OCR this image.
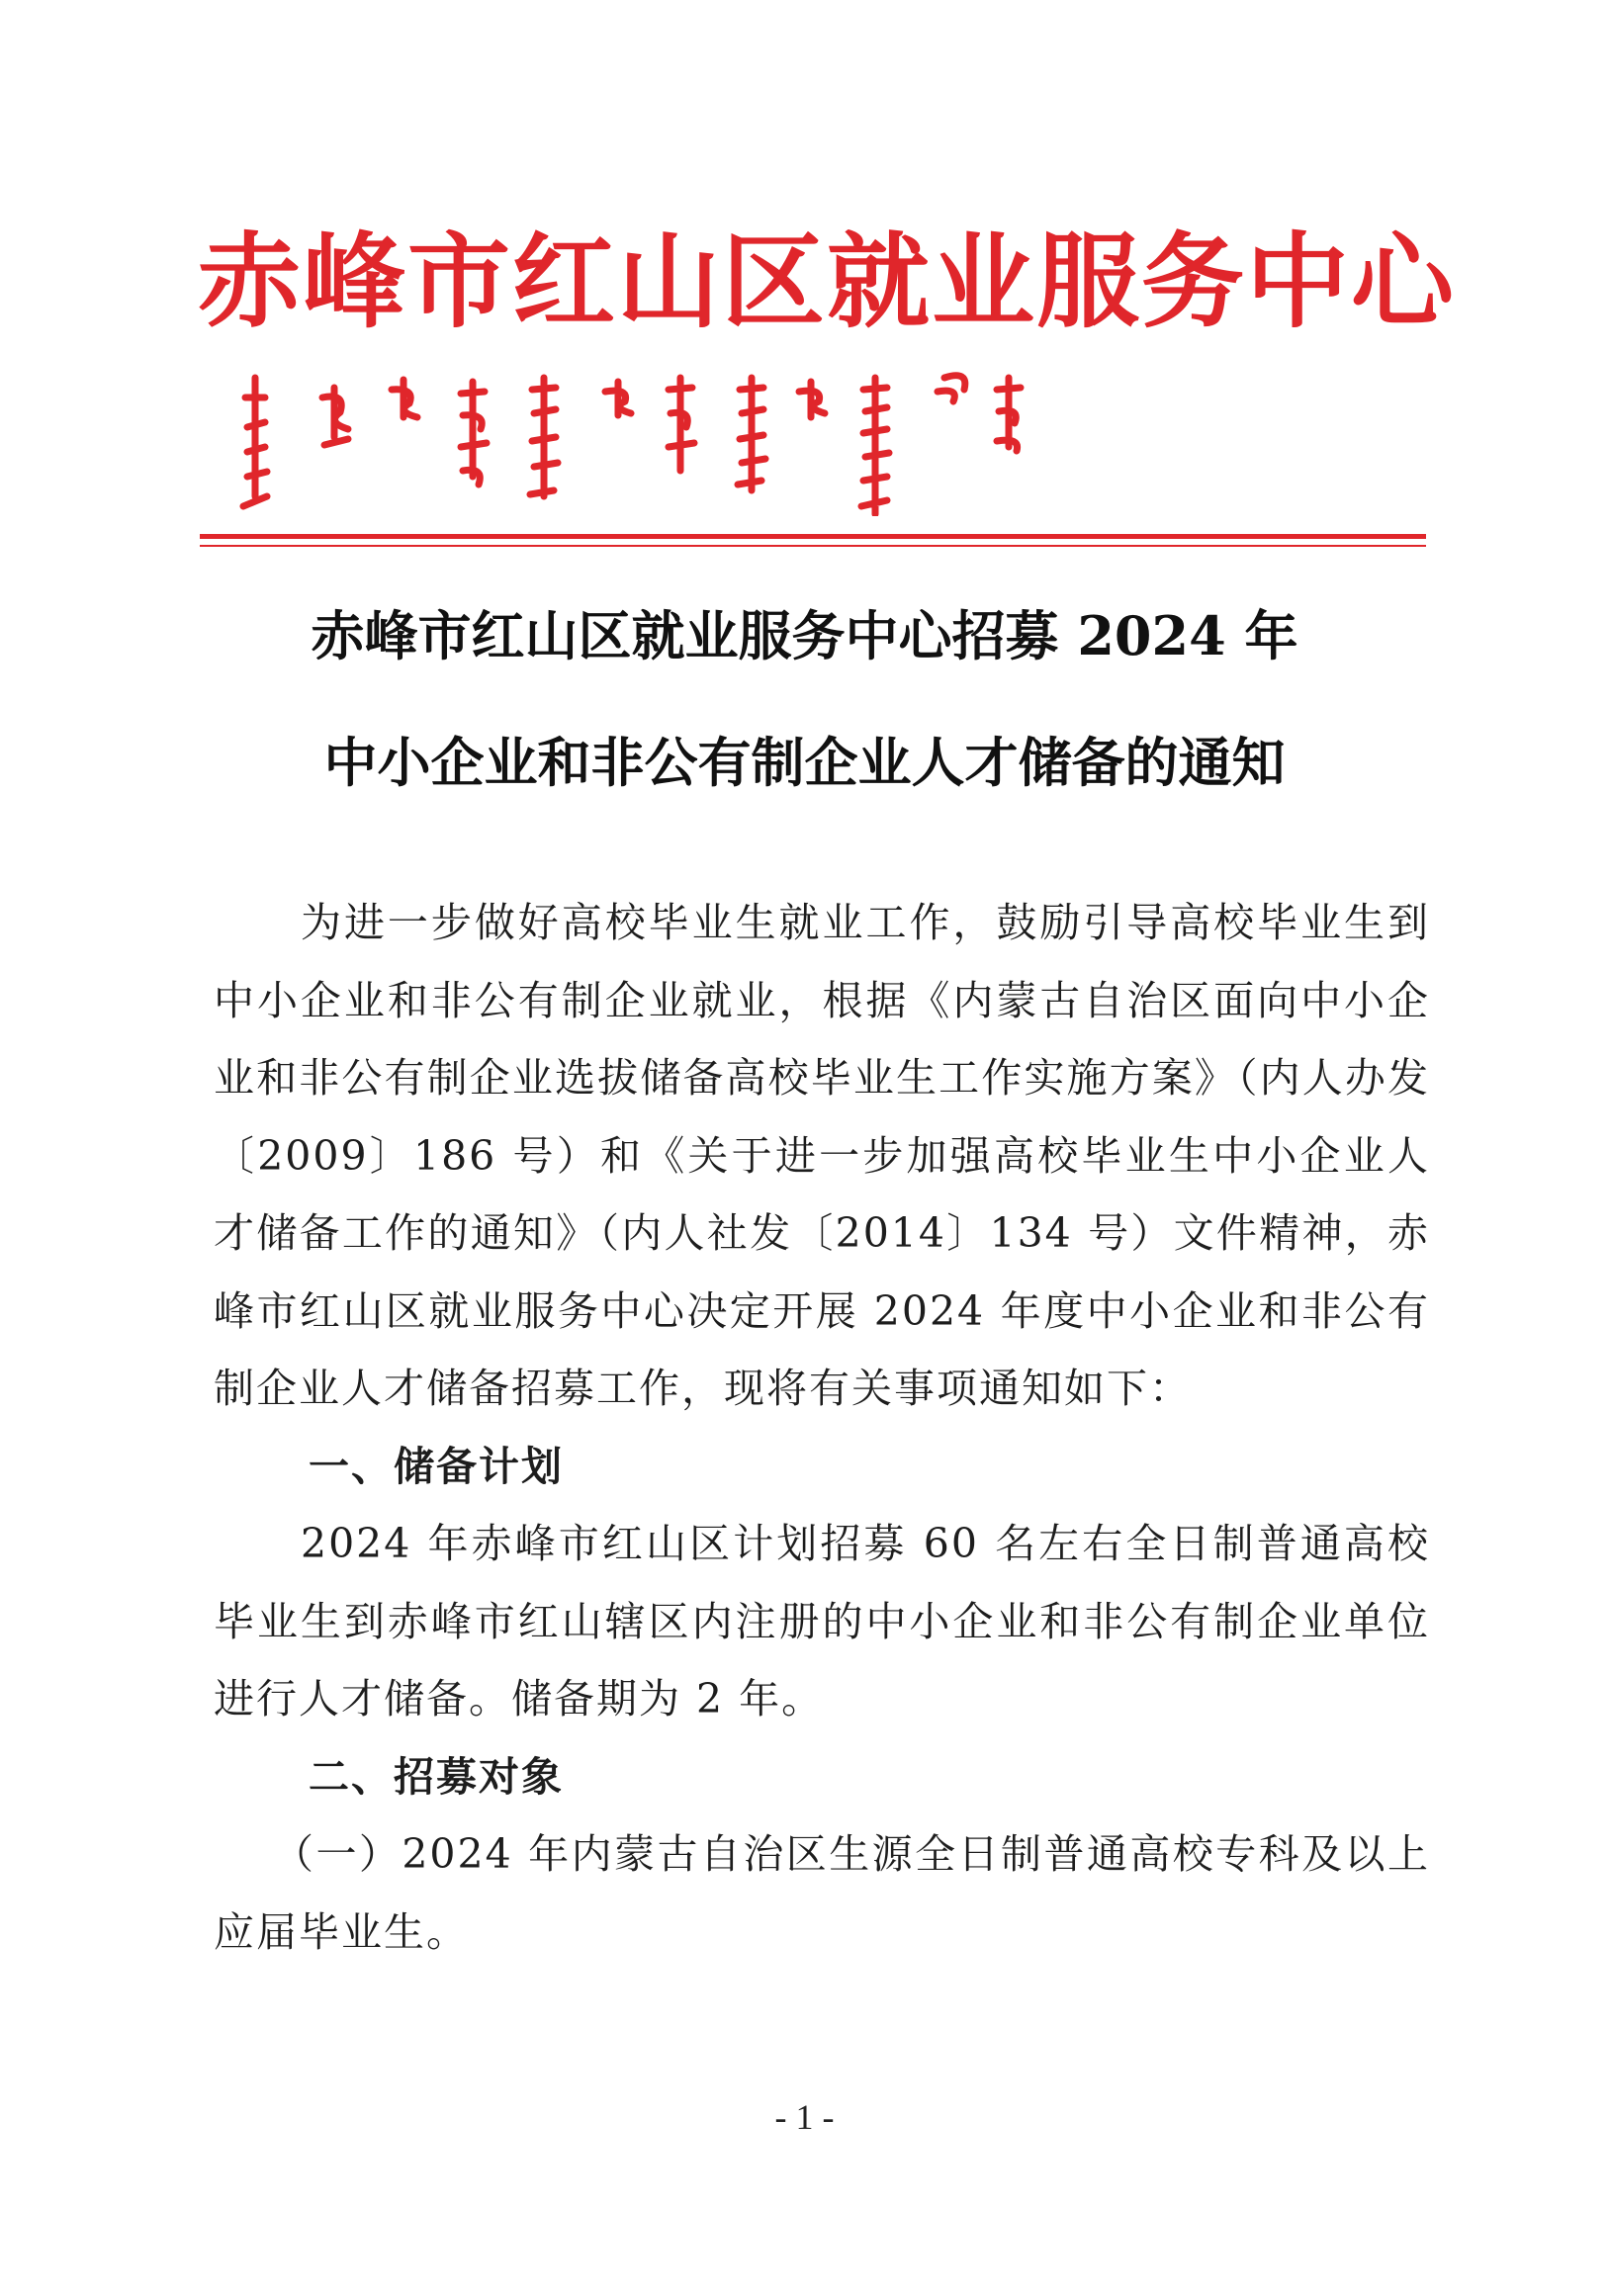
赤峰市红山区就业服务中心
赤峰市红山区就业服务中心招募 2024 年
中小企业和非公有制企业人才储备的通知

为进一步做好高校毕业生就业工作，鼓励引导高校毕业生到中小企业和非公有制企业就业，根据《内蒙古自治区面向中小企业和非公有制企业选拔储备高校毕业生工作实施方案》（内人办发〔2009〕186 号）和《关于进一步加强高校毕业生中小企业人才储备工作的通知》（内人社发〔2014〕134 号）文件精神，赤峰市红山区就业服务中心决定开展 2024 年度中小企业和非公有制企业人才储备招募工作，现将有关事项通知如下：

一、储备计划

2024 年赤峰市红山区计划招募 60 名左右全日制普通高校毕业生到赤峰市红山辖区内注册的中小企业和非公有制企业单位进行人才储备。储备期为 2 年。

二、招募对象

（一）2024 年内蒙古自治区生源全日制普通高校专科及以上应届毕业生。

- 1 -
